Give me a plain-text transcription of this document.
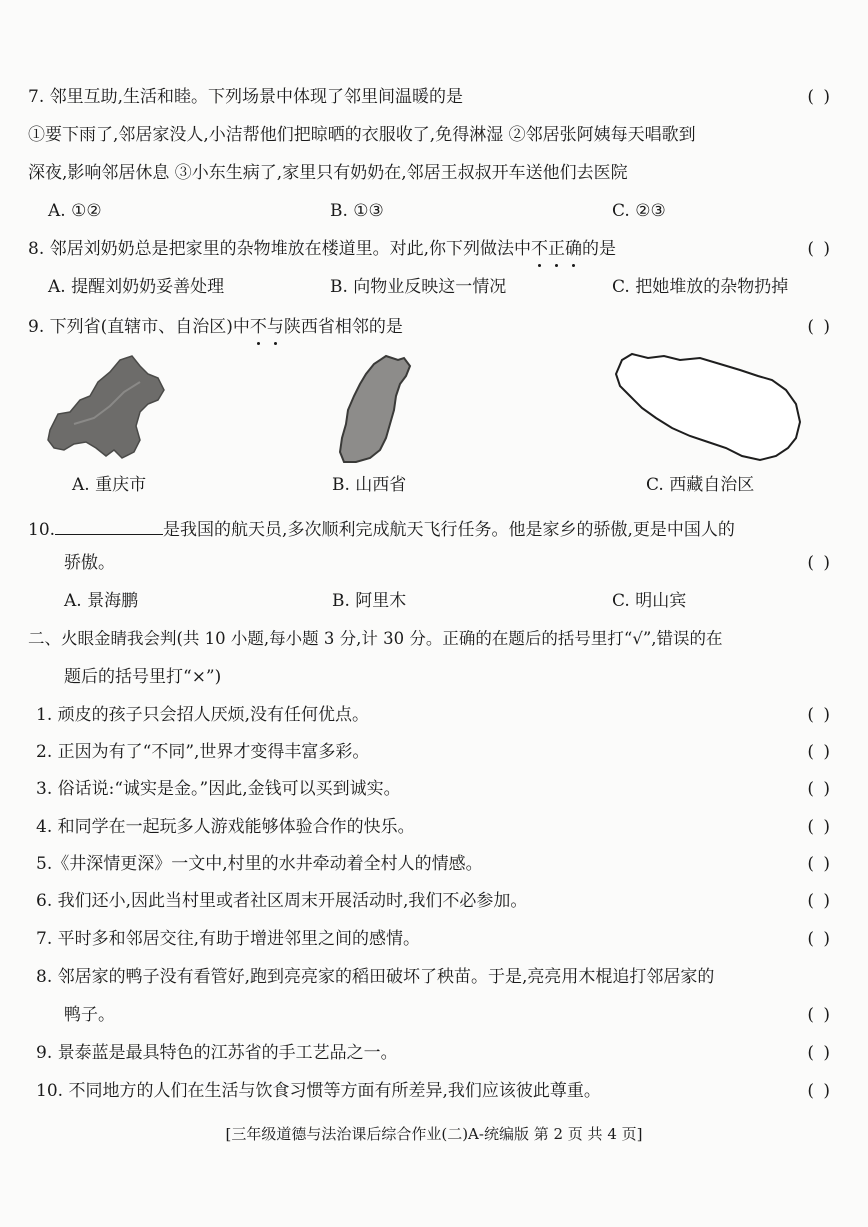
7. 邻里互助,生活和睦。下列场景中体现了邻里间温暖的是	( )
①要下雨了,邻居家没人,小洁帮他们把晾晒的衣服收了,免得淋湿 ②邻居张阿姨每天唱歌到
深夜,影响邻居休息 ③小东生病了,家里只有奶奶在,邻居王叔叔开车送他们去医院
A. ①②	B. ①③	C. ②③
8. 邻居刘奶奶总是把家里的杂物堆放在楼道里。对此,你下列做法中不正确的是	( )
A. 提醒刘奶奶妥善处理	B. 向物业反映这一情况	C. 把她堆放的杂物扔掉
9. 下列省(直辖市、自治区)中不与陕西省相邻的是	( )
A. 重庆市	B. 山西省	C. 西藏自治区
10.	是我国的航天员,多次顺利完成航天飞行任务。他是家乡的骄傲,更是中国人的
骄傲。	( )
A. 景海鹏	B. 阿里木	C. 明山宾
二、火眼金睛我会判(共 10 小题,每小题 3 分,计 30 分。正确的在题后的括号里打“√”,错误的在
题后的括号里打“×”)
1. 顽皮的孩子只会招人厌烦,没有任何优点。	( )
2. 正因为有了“不同”,世界才变得丰富多彩。	( )
3. 俗话说:“诚实是金。”因此,金钱可以买到诚实。	( )
4. 和同学在一起玩多人游戏能够体验合作的快乐。	( )
5.《井深情更深》一文中,村里的水井牵动着全村人的情感。	( )
6. 我们还小,因此当村里或者社区周末开展活动时,我们不必参加。	( )
7. 平时多和邻居交往,有助于增进邻里之间的感情。	( )
8. 邻居家的鸭子没有看管好,跑到亮亮家的稻田破坏了秧苗。于是,亮亮用木棍追打邻居家的
鸭子。	( )
9. 景泰蓝是最具特色的江苏省的手工艺品之一。	( )
10. 不同地方的人们在生活与饮食习惯等方面有所差异,我们应该彼此尊重。	( )
[三年级道德与法治课后综合作业(二)A-统编版 第 2 页 共 4 页]
